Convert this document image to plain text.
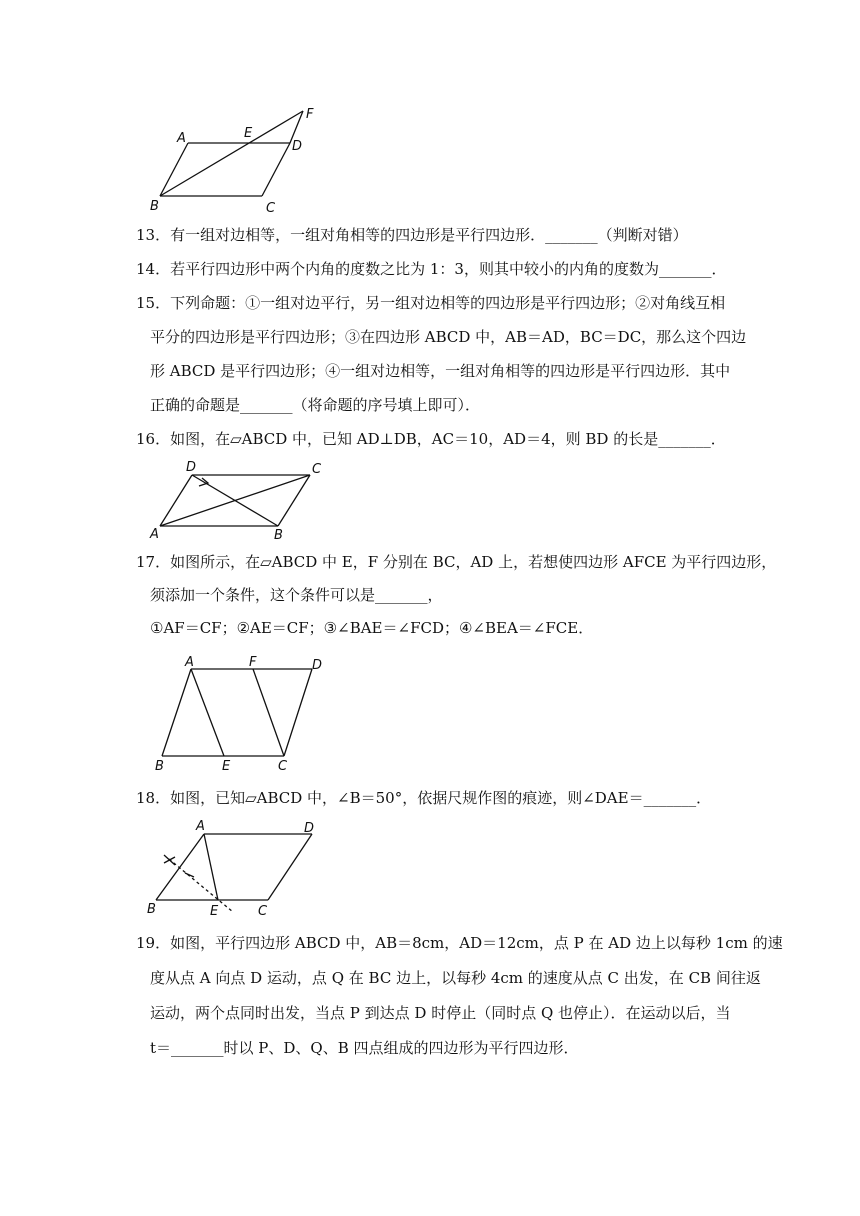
A	E
F
D
B	C
13．有一组对边相等，一组对角相等的四边形是平行四边形．_______（判断对错）
14．若平行四边形中两个内角的度数之比为 1：3，则其中较小的内角的度数为_______．
15．下列命题：①一组对边平行，另一组对边相等的四边形是平行四边形；②对角线互相
平分的四边形是平行四边形；③在四边形 ABCD 中，AB＝AD，BC＝DC，那么这个四边
形 ABCD 是平行四边形；④一组对边相等，一组对角相等的四边形是平行四边形．其中
正确的命题是_______（将命题的序号填上即可）．
16．如图，在▱ABCD 中，已知 AD⊥DB，AC＝10，AD＝4，则 BD 的长是_______．
D	C
A	B
17．如图所示，在▱ABCD 中 E，F 分别在 BC，AD 上，若想使四边形 AFCE 为平行四边形，
须添加一个条件，这个条件可以是_______，
①AF＝CF；②AE＝CF；③∠BAE＝∠FCD；④∠BEA＝∠FCE．
A	F	D
B	E	C
18．如图，已知▱ABCD 中，∠B＝50°，依据尺规作图的痕迹，则∠DAE＝_______．
A	D
B	E	C
19．如图，平行四边形 ABCD 中，AB＝8cm，AD＝12cm，点 P 在 AD 边上以每秒 1cm 的速
度从点 A 向点 D 运动，点 Q 在 BC 边上，以每秒 4cm 的速度从点 C 出发，在 CB 间往返
运动，两个点同时出发，当点 P 到达点 D 时停止（同时点 Q 也停止）．在运动以后，当
t＝_______时以 P、D、Q、B 四点组成的四边形为平行四边形．
